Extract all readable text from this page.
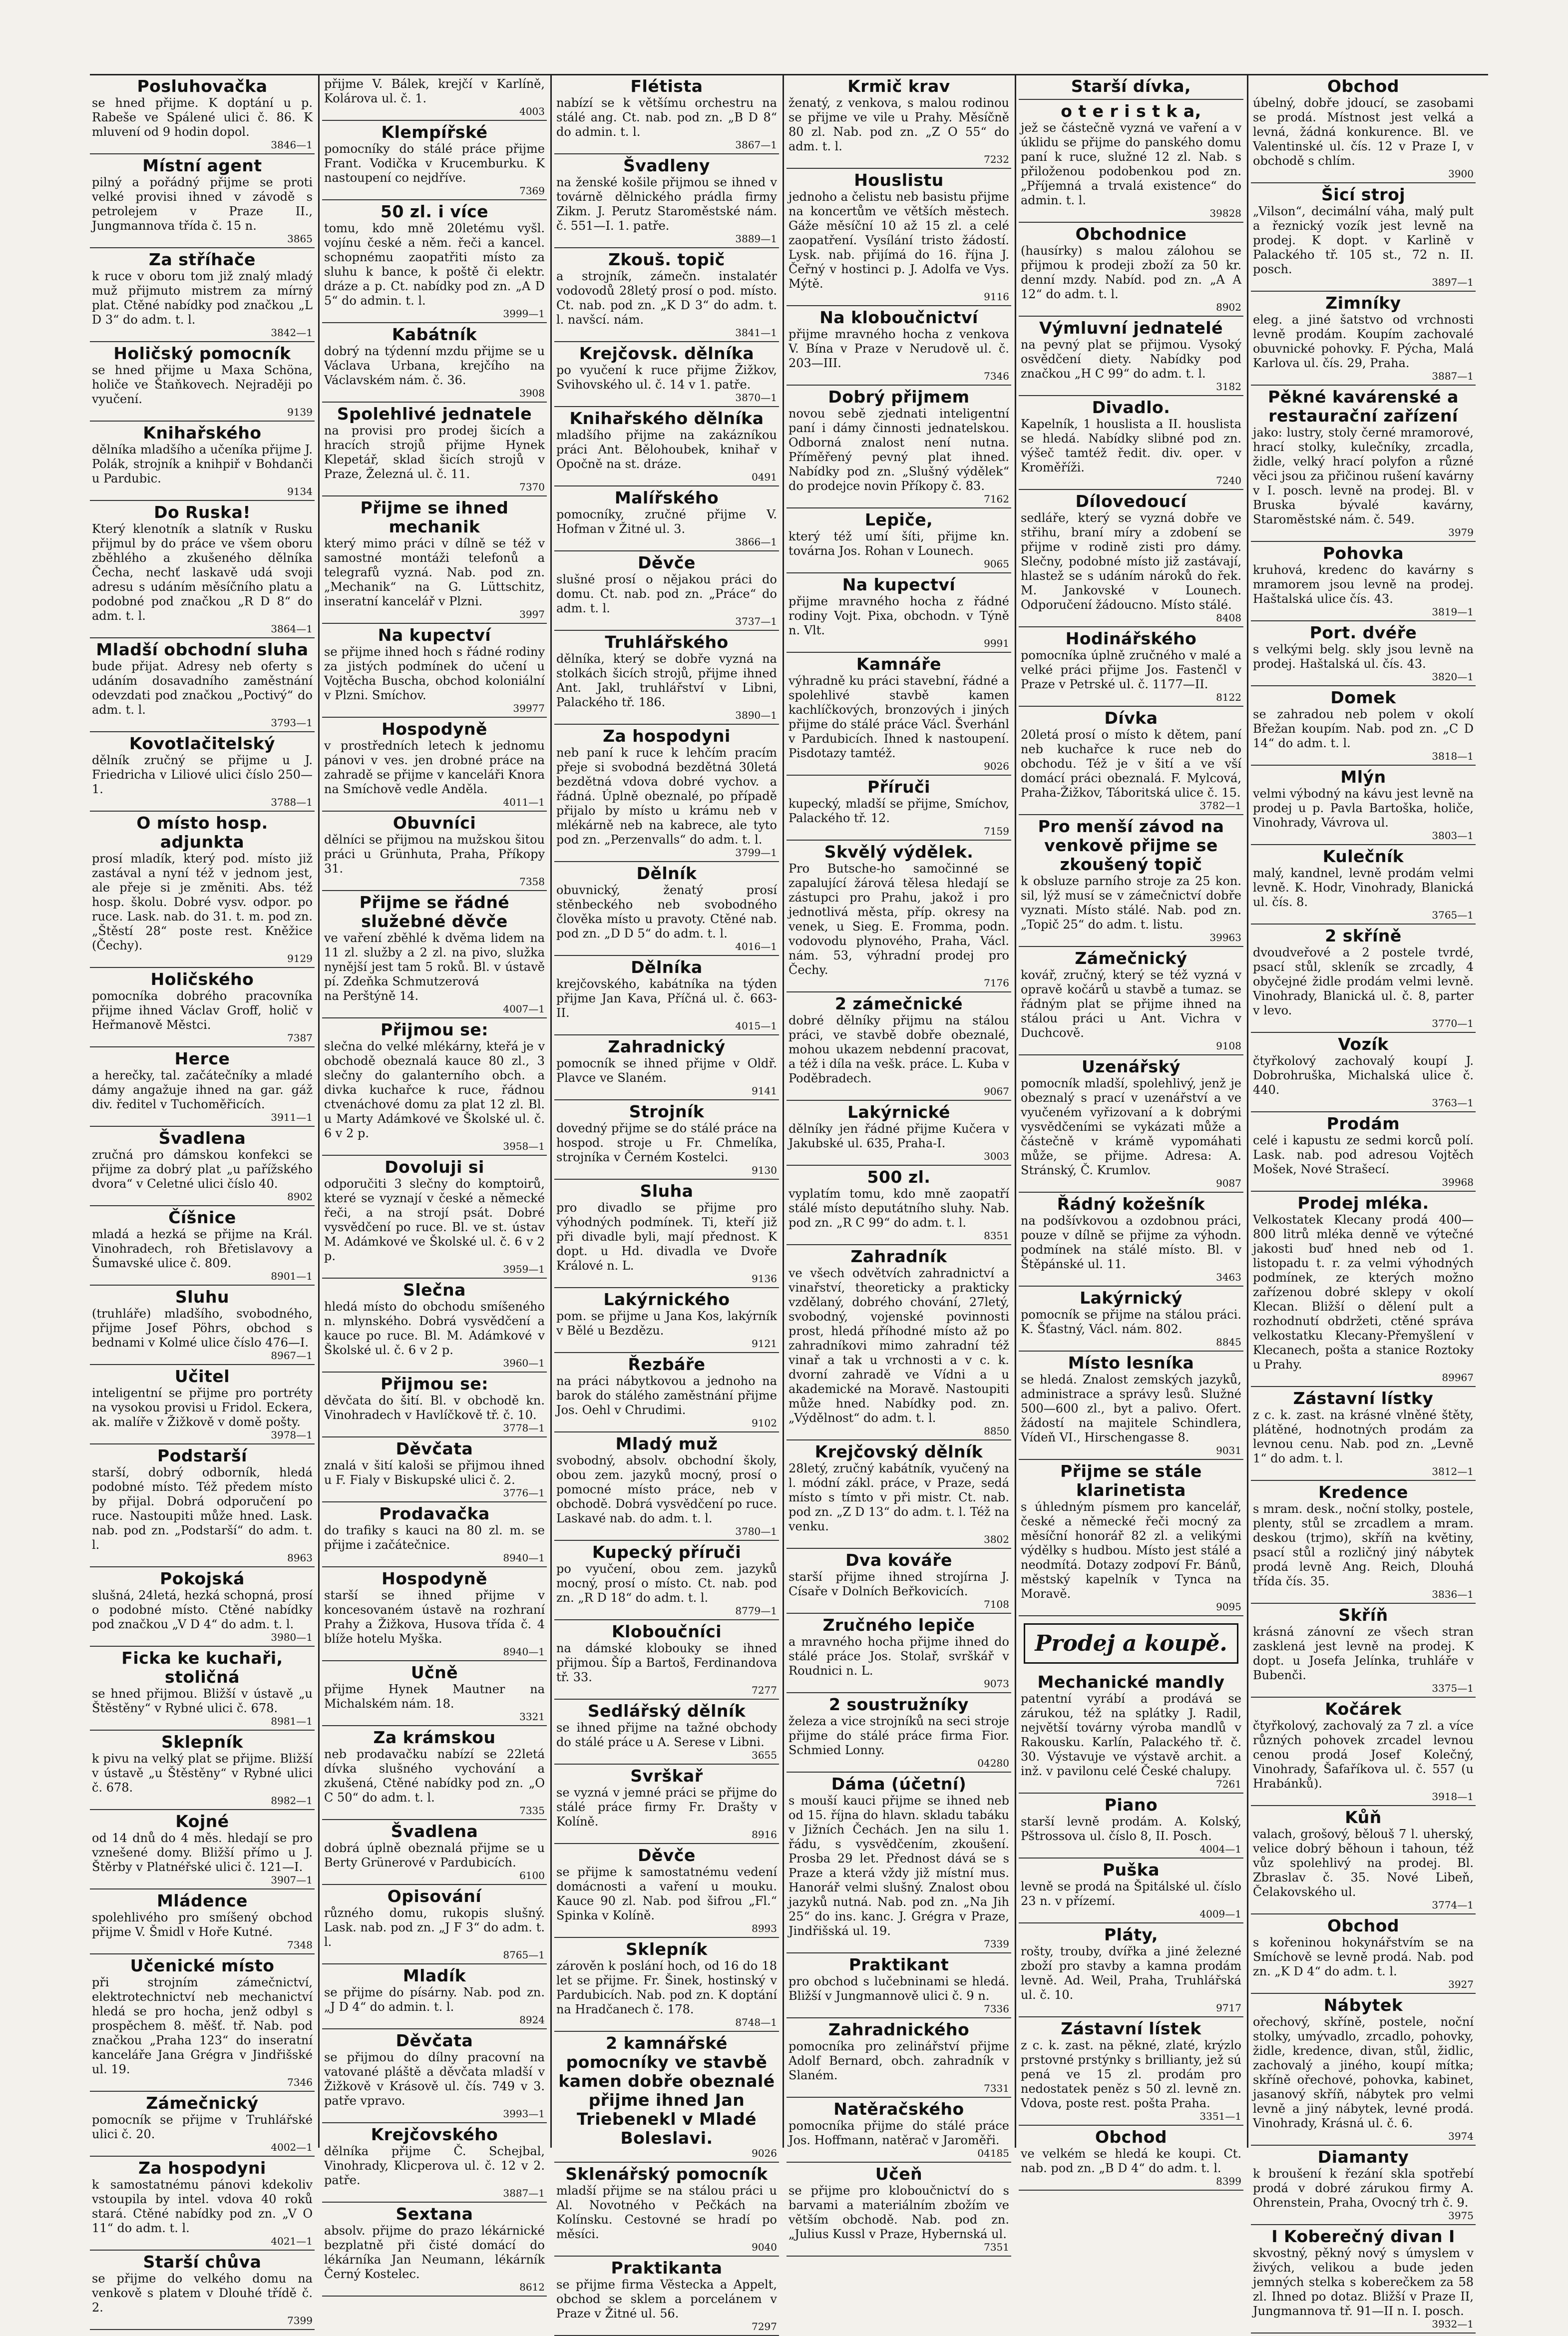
Posluhovačka

se hned přijme. K doptání u p. Rabeše ve Spálené ulici č. 86. K mluvení od 9 hodin dopol.

3846—1
Místní agent

pilný a pořádný přijme se proti velké provisi ihned v závodě s petrolejem v Praze II., Jungmannova třída č. 15 n.

3865
Za stříhače

k ruce v oboru tom již znalý mladý muž přijmuto mistrem za mírný plat. Ctěné nabídky pod značkou „L D 3“ do adm. t. l.

3842—1
Holičský pomocník

se hned přijme u Maxa Schöna, holiče ve Štaňkovech. Nejraději po vyučení.

9139
Knihařského

dělníka mladšího a učeníka přijme J. Polák, strojník a knihpiř v Bohdanči u Pardubic.

9134
Do Ruska!

Který klenotník a slatník v Rusku přijmul by do práce ve všem oboru zběhlého a zkušeného dělníka Čecha, nechť laskavě udá svoji adresu s udáním měsíčního platu a podobné pod značkou „R D 8“ do adm. t. l.

3864—1
Mladší obchodní sluha

bude přijat. Adresy neb oferty s udáním dosavadního zaměstnání odevzdati pod značkou „Poctivý“ do adm. t. l.

3793—1
Kovotlačitelský

dělník zručný se přijme u J. Friedricha v Liliové ulici číslo 250—1.

3788—1
O místo hosp. adjunkta

prosí mladík, který pod. místo již zastával a nyní též v jednom jest, ale přeje si je změniti. Abs. též hosp. školu. Dobré vysv. odpor. po ruce. Lask. nab. do 31. t. m. pod zn. „Štěstí 28“ poste rest. Kněžice (Čechy).

9129
Holičského

pomocníka dobrého pracovníka přijme ihned Václav Groff, holič v Heřmanově Městci.

7387
Herce

a herečky, tal. začátečníky a mladé dámy angažuje ihned na gar. gáž div. ředitel v Tuchoměřicích.

3911—1
Švadlena

zručná pro dámskou konfekci se přijme za dobrý plat „u pařížského dvora“ v Celetné ulici číslo 40.

8902
Číšnice

mladá a hezká se přijme na Král. Vinohradech, roh Břetislavovy a Šumavské ulice č. 809.

8901—1
Sluhu

(truhláře) mladšího, svobodného, přijme Josef Pöhrs, obchod s bednami v Kolmé ulice číslo 476—I.

8967—1
Učitel

inteligentní se přijme pro portréty na vysokou provisi u Fridol. Eckera, ak. malíře v Žižkově v domě pošty.

3978—1
Podstarší

starší, dobrý odborník, hledá podobné místo. Též předem místo by přijal. Dobrá odporučení po ruce. Nastoupiti může hned. Lask. nab. pod zn. „Podstarší“ do adm. t. l.

8963
Pokojská

slušná, 24letá, hezká schopná, prosí o podobné místo. Ctěné nabídky pod značkou „V D 4“ do adm. t. l.

3980—1
Ficka ke kuchaři, stoličná

se hned přijmou. Bližší v ústavě „u Štěstěny“ v Rybné ulici č. 678.

8981—1
Sklepník

k pivu na velký plat se přijme. Bližší v ústavě „u Štěstěny“ v Rybné ulici č. 678.

8982—1
Kojné

od 14 dnů do 4 měs. hledají se pro vznešené domy. Bližší přímo u J. Štěrby v Platnéřské ulici č. 121—I.

3907—1
Mládence

spolehlivého pro smíšený obchod přijme V. Šmidl v Hoře Kutné.

7348
Učenické místo

při strojním zámečnictví, elektrotechnictví neb mechanictví hledá se pro hocha, jenž odbyl s prospěchem 8. měšť. tř. Nab. pod značkou „Praha 123“ do inseratní kanceláře Jana Grégra v Jindřišské ul. 19.

7346
Zámečnický

pomocník se přijme v Truhlářské ulici č. 20.

4002—1
Za hospodyni

k samostatnému pánovi kdekoliv vstoupila by intel. vdova 40 roků stará. Ctěné nabídky pod zn. „V O 11“ do adm. t. l.

4021—1
Starší chůva

se přijme do velkého domu na venkově s platem v Dlouhé třídě č. 2.

7399

přijme V. Bálek, krejčí v Karlíně, Kolárova ul. č. 1.

4003
Klempířské

pomocníky do stálé práce přijme Frant. Vodička v Krucemburku. K nastoupení co nejdříve.

7369
50 zl. i více

tomu, kdo mně 20letému vyšl. vojínu české a něm. řeči a kancel. schopnému zaopatřiti místo za sluhu k bance, k poště či elektr. dráze a p. Ct. nabídky pod zn. „A D 5“ do admin. t. l.

3999—1
Kabátník

dobrý na týdenní mzdu přijme se u Václava Urbana, krejčího na Václavském nám. č. 36.

3908
Spolehlivé jednatele

na provisi pro prodej šicích a hracích strojů přijme Hynek Klepetář, sklad šicích strojů v Praze, Železná ul. č. 11.

7370
Přijme se ihned mechanik

který mimo práci v dílně se též v samostné montáži telefonů a telegrafů vyzná. Nab. pod zn. „Mechanik“ na G. Lüttschitz, inseratní kancelář v Plzni.

3997
Na kupectví

se přijme ihned hoch s řádné rodiny za jistých podmínek do učení u Vojtěcha Buscha, obchod koloniální v Plzni. Smíchov.

39977
Hospodyně

v prostředních letech k jednomu pánovi v ves. jen drobné práce na zahradě se přijme v kanceláři Knora na Smíchově vedle Anděla.

4011—1
Obuvníci

dělníci se přijmou na mužskou šitou práci u Grünhuta, Praha, Příkopy 31.

7358
Přijme se řádné služebné děvče

ve vaření zběhlé k dvěma lidem na 11 zl. služby a 2 zl. na pivo, služka nynější jest tam 5 roků. Bl. v ústavě pí. Zdeňka Schmutzerová

na Perštýně 14.

4007—1
Přijmou se:

slečna do velké mlékárny, kteřá je v obchodě obeznalá kauce 80 zl., 3 slečny do galanterního obch. a divka kuchařce k ruce, řádnou ctvenáchové domu za plat 12 zl. Bl. u Marty Adámkové ve Školské ul. č. 6 v 2 p.

3958—1
Dovoluji si

odporučiti 3 slečny do komptoirů, které se vyznají v české a německé řeči, a na strojí psát. Dobré vysvědčení po ruce. Bl. ve st. ústav M. Adámkové ve Školské ul. č. 6 v 2 p.

3959—1
Slečna

hledá místo do obchodu smíšeného n. mlynského. Dobrá vysvědčení a kauce po ruce. Bl. M. Adámkové v Školské ul. č. 6 v 2 p.

3960—1
Přijmou se:

děvčata do šití. Bl. v obchodě kn. Vinohradech v Havlíčkově tř. č. 10.

3778—1
Děvčata

znalá v šití kaloši se přijmou ihned u F. Fialy v Biskupské ulici č. 2.

3776—1
Prodavačka

do trafiky s kauci na 80 zl. m. se přijme i začátečnice.

8940—1
Hospodyně

starší se ihned přijme v koncesovaném ústavě na rozhraní Prahy a Žižkova, Husova třída č. 4 blíže hotelu Myška.

8940—1
Učně

přijme Hynek Mautner na Michalském nám. 18.

3321
Za krámskou

neb prodavačku nabízí se 22letá dívka slušného vychování a zkušená, Ctěné nabídky pod zn. „O C 50“ do adm. t. l.

7335
Švadlena

dobrá úplně obeznalá přijme se u Berty Grünerové v Pardubicích.

6100
Opisování

různého domu, rukopis slušný. Lask. nab. pod zn. „J F 3“ do adm. t. l.

8765—1
Mladík

se přijme do písárny. Nab. pod zn. „J D 4“ do admin. t. l.

8924
Děvčata

se přijmou do dílny pracovní na vatované pláště a děvčata mladší v Žižkově v Krásově ul. čís. 749 v 3. patře vpravo.

3993—1
Krejčovského

dělníka přijme Č. Schejbal, Vinohrady, Klicperova ul. č. 12 v 2. patře.

3887—1
Sextana

absolv. přijme do prazo lékárnické bezplatně při čisté domácí do lékárníka Jan Neumann, lékárník Černý Kostelec.

8612
Flétista

nabízí se k většímu orchestru na stálé ang. Ct. nab. pod zn. „B D 8“ do admin. t. l.

3867—1
Švadleny

na ženské košile přijmou se ihned v továrně dělnického prádla firmy Zikm. J. Perutz Staroměstské nám. č. 551—I. 1. patře.

3889—1
Zkouš. topič

a strojník, zámečn. instalatér vodovodů 28letý prosí o pod. místo. Ct. nab. pod zn. „K D 3“ do adm. t. l. navšcí. nám.

3841—1
Krejčovsk. dělníka

po vyučení k ruce přijme Žižkov, Svihovského ul. č. 14 v 1. patře.

3870—1
Knihařského dělníka

mladšího přijme na zakázníkou práci Ant. Bělohoubek, knihař v Opočně na st. dráze.

0491
Malířského

pomocníky, zručné přijme V. Hofman v Žitné ul. 3.

3866—1
Děvče

slušné prosí o nějakou práci do domu. Ct. nab. pod zn. „Práce“ do adm. t. l.

3737—1
Truhlářského

dělníka, který se dobře vyzná na stolkách šicích strojů, přijme ihned Ant. Jakl, truhlářství v Libni, Palackého tř. 186.

3890—1
Za hospodyni

neb paní k ruce k lehčím pracím přeje si svobodná bezdětná 30letá bezdětná vdova dobré vychov. a řádná. Úplně obeznalé, po případě přijalo by místo u krámu neb v mlékárně neb na kabrece, ale tyto pod zn. „Perzenvalls“ do adm. t. l.

3799—1
Dělník

obuvnický, ženatý prosí stěnbeckého neb svobodného člověka místo u pravoty. Ctěné nab. pod zn. „D D 5“ do adm. t. l.

4016—1
Dělníka

krejčovského, kabátníka na týden přijme Jan Kava, Příčná ul. č. 663-II.

4015—1
Zahradnický

pomocník se ihned přijme v Oldř. Plavce ve Slaném.

9141
Strojník

dovedný přijme se do stálé práce na hospod. stroje u Fr. Chmelíka, strojníka v Černém Kostelci.

9130
Sluha

pro divadlo se přijme pro výhodných podmínek. Ti, kteří již při divadle byli, mají přednost. K dopt. u Hd. divadla ve Dvoře Králové n. L.

9136
Lakýrnického

pom. se přijme u Jana Kos, lakýrník v Bělé u Bezdězu.

9121
Řezbáře

na práci nábytkovou a jednoho na barok do stálého zaměstnání přijme Jos. Oehl v Chrudimi.

9102
Mladý muž

svobodný, absolv. obchodní školy, obou zem. jazyků mocný, prosí o pomocné místo práce, neb v obchodě. Dobrá vysvědčení po ruce. Laskavé nab. do adm. t. l.

3780—1
Kupecký příruči

po vyučení, obou zem. jazyků mocný, prosí o místo. Ct. nab. pod zn. „R D 18“ do adm. t. l.

8779—1
Kloboučníci

na dámské klobouky se ihned přijmou. Šíp a Bartoš, Ferdinandova tř. 33.

7277
Sedlářský dělník

se ihned přijme na tažné obchody do stálé práce u A. Serese v Libni.

3655
Svrškař

se vyzná v jemné práci se přijme do stálé práce firmy Fr. Drašty v Kolíně.

8916
Děvče

se přijme k samostatnému vedení domácnosti a vaření u mouku. Kauce 90 zl. Nab. pod šifrou „Fl.“ Spinka v Kolíně.

8993
Sklepník

zárověn k poslání hoch, od 16 do 18 let se přijme. Fr. Šinek, hostinský v Pardubicích. Nab. pod zn. K doptání na Hradčanech č. 178.

8748—1
2 kamnářské pomocníky ve stavbě kamen dobře obeznalé přijme ihned Jan Triebenekl v Mladé Boleslavi.
9026
Sklenářský pomocník

mladší přijme se na stálou práci u Al. Novotného v Pečkách na Kolínsku. Cestovné se hradí po měsíci.

9040
Praktikanta

se přijme firma Věstecka a Appelt, obchod se sklem a porcelánem v Praze v Žitné ul. 56.

7297
Krmič krav

ženatý, z venkova, s malou rodinou se přijme ve vile u Prahy. Měsíčně 80 zl. Nab. pod zn. „Z O 55“ do adm. t. l.

7232
Houslistu

jednoho a čelistu neb basistu přijme na koncertům ve větších městech. Gáže měsíční 10 až 15 zl. a celé zaopatření. Vysílání tristo žádostí. Lysk. nab. přijímá do 16. října J. Čeřný v hostinci p. J. Adolfa ve Vys. Mýtě.

9116
Na kloboučnictví

přijme mravného hocha z venkova V. Bína v Praze v Nerudově ul. č. 203—III.

7346
Dobrý přijmem

novou sebě zjednati inteligentní paní i dámy činnosti jednatelskou. Odborná znalost není nutna. Příměřený pevný plat ihned. Nabídky pod zn. „Slušný výdělek“ do prodejce novin Příkopy č. 83.

7162
Lepiče,

který též umí šíti, přijme kn. továrna Jos. Rohan v Lounech.

9065
Na kupectví

přijme mravného hocha z řádné rodiny Vojt. Pixa, obchodn. v Týně n. Vlt.

9991
Kamnáře

výhradně ku práci stavební, řádné a spolehlivé stavbě kamen kachlíčkových, bronzových i jiných přijme do stálé práce Václ. Šverhánl v Pardubicích. Ihned k nastoupení. Pisdotazy tamtéž.

9026
Příruči

kupecký, mladší se přijme, Smíchov, Palackého tř. 12.

7159
Skvělý výdělek.

Pro Butsche-ho samočinné se zapalující žárová tělesa hledají se zástupci pro Prahu, jakož i pro jednotlivá města, příp. okresy na venek, u Sieg. E. Fromma, podn. vodovodu plynového, Praha, Václ. nám. 53, výhradní prodej pro Čechy.

7176
2 zámečnické

dobré dělníky přijmu na stálou práci, ve stavbě dobře obeznalé, mohou ukazem nebdenní pracovat, a též i díla na vešk. práce. L. Kuba v Poděbradech.

9067
Lakýrnické

dělníky jen řádné přijme Kučera v Jakubské ul. 635, Praha-I.

3003
500 zl.

vyplatím tomu, kdo mně zaopatří stálé místo deputátního sluhy. Nab. pod zn. „R C 99“ do adm. t. l.

8351
Zahradník

ve všech odvětvích zahradnictví a vinařství, theoreticky a prakticky vzdělaný, dobrého chování, 27letý, svobodný, vojenské povinnosti prost, hledá příhodné místo až po zahradníkovi mimo zahradní též vinař a tak u vrchnosti a v c. k. dvorní zahradě ve Vídni a u akademické na Moravě. Nastoupiti může hned. Nabídky pod. zn. „Výdělnost“ do adm. t. l.

8850
Krejčovský dělník

28letý, zručný kabátník, vyučený na l. módní zákl. práce, v Praze, sedá místo s tímto v při mistr. Ct. nab. pod zn. „Z D 13“ do adm. t. l. Též na venku.

3802
Dva kováře

starší přijme ihned strojírna J. Císaře v Dolních Beřkovicích.

7108
Zručného lepiče

a mravného hocha přijme ihned do stálé práce Jos. Stolař, svrškář v Roudnici n. L.

9073
2 soustružníky

železa a vice strojníků na seci stroje přijme do stálé práce firma Fior. Schmied Lonny.

04280
Dáma (účetní)

s mouší kauci přijme se ihned neb od 15. října do hlavn. skladu tabáku v Jižních Čechách. Jen na silu 1. řádu, s vysvědčením, zkoušení. Prosba 29 let. Přednost dává se s Praze a která vždy již místní mus. Hanorář velmi slušný. Znalost obou jazyků nutná. Nab. pod zn. „Na Jih 25“ do ins. kanc. J. Grégra v Praze, Jindřišská ul. 19.

7339
Praktikant

pro obchod s lučebninami se hledá. Bližší v Jungmannově ulici č. 9 n.

7336
Zahradnického

pomocníka pro zelinářství přijme Adolf Bernard, obch. zahradník v Slaném.

7331
Natěračského

pomocníka přijme do stálé práce Jos. Hoffmann, natěrač v Jaroměři.

04185
Učeň

se přijme pro kloboučnictví do s barvami a materiálním zbožím ve větším obchodě. Nab. pod zn. „Julius Kussl v Praze, Hybernská ul.

7351
Starší dívka,
o t e r i s t k a,

jež se částečně vyzná ve vaření a v úklidu se přijme do panského domu paní k ruce, služné 12 zl. Nab. s přiloženou podobenkou pod zn. „Příjemná a trvalá existence“ do admin. t. l.

39828
Obchodnice

(hausírky) s malou zálohou se přijmou k prodeji zboží za 50 kr. denní mzdy. Nabíd. pod zn. „A A 12“ do adm. t. l.

8902
Výmluvní jednatelé

na pevný plat se přijmou. Vysoký osvědčení diety. Nabídky pod značkou „H C 99“ do adm. t. l.

3182
Divadlo.

Kapelník, 1 houslista a II. houslista se hledá. Nabídky slibné pod zn. výšeč tamtéž ředit. div. oper. v Kroměříži.

7240
Dílovedoucí

sedláře, který se vyzná dobře ve střihu, braní míry a zdobení se přijme v rodině zisti pro dámy. Slečny, podobné místo již zastávají, hlastež se s udáním nároků do řek. M. Jankovské v Lounech. Odporučení žádoucno. Místo stálé.

8408
Hodinářského

pomocníka úplně zručného v malé a velké práci přijme Jos. Fastenčl v Praze v Petrské ul. č. 1177—II.

8122
Dívka

20letá prosí o místo k dětem, paní neb kuchařce k ruce neb do obchodu. Též je v šití a ve vší domácí práci obeznalá. F. Mylcová, Praha-Žižkov, Táboritská ulice č. 15.

3782—1
Pro menší závod na venkově přijme se zkoušený topič

k obsluze parního stroje za 25 kon. sil, lýž musí se v zámečnictví dobře vyznati. Místo stálé. Nab. pod zn. „Topič 25“ do adm. t. listu.

39963
Zámečnický

kovář, zručný, který se též vyzná v opravě kočárů u stavbě a tumaz. se řádným plat se přijme ihned na stálou práci u Ant. Vichra v Duchcově.

9108
Uzenářský

pomocník mladší, spolehlivý, jenž je obeznalý s prací v uzenářství a ve vyučeném vyřizovaní a k dobrými vysvědčeními se vykázati může a částečně v krámě vypomáhati může, se přijme. Adresa: A. Stránský, Č. Krumlov.

9087
Řádný kožešník

na podšívkovou a ozdobnou práci, pouze v dílně se přijme za výhodn. podmínek na stálé místo. Bl. v Štěpánské ul. 11.

3463
Lakýrnický

pomocník se přijme na stálou práci. K. Šťastný, Václ. nám. 802.

8845
Místo lesníka

se hledá. Znalost zemských jazyků, administrace a správy lesů. Služné 500—600 zl., byt a palivo. Ofert. žádostí na majitele Schindlera, Vídeň VI., Hirschengasse 8.

9031
Přijme se stále klarinetista

s úhledným písmem pro kancelář, české a německé řeči mocný za měsíční honorář 82 zl. a velikými výdělky s hudbou. Místo jest stálé a neodmítá. Dotazy zodpoví Fr. Bánů, městský kapelník v Tynca na Moravě.

9095
Prodej a koupě.
Mechanické mandly

patentní vyrábí a prodává se zárukou, též na splátky J. Radil, největší továrny výroba mandlů v Rakousku. Karlín, Palackého tř. č. 30. Výstavuje ve výstavě archit. a inž. v pavilonu celé České chalupy.

7261
Piano

starší levně prodám. A. Kolský, Pštrossova ul. číslo 8, II. Posch.

4004—1
Puška

levně se prodá na Špitálské ul. číslo 23 n. v přízemí.

4009—1
Pláty,

rošty, trouby, dvířka a jiné železné zboží pro stavby a kamna prodám levně. Ad. Weil, Praha, Truhlářská ul. č. 10.

9717
Zástavní lístek

z c. k. zast. na pěkné, zlaté, krýzlo prstovné prstýnky s brillianty, jež sú pená ve 15 zl. prodám pro nedostatek peněz s 50 zl. levně zn. Vdova, poste rest. pošta Praha.

3351—1
Obchod

ve velkém se hledá ke koupi. Ct. nab. pod zn. „B D 4“ do adm. t. l.

8399
Obchod

úbelný, dobře jdoucí, se zasobami se prodá. Místnost jest velká a levná, žádná konkurence. Bl. ve Valentinské ul. čís. 12 v Praze I, v obchodě s chlím.

3900
Šicí stroj

„Vilson“, decimální váha, malý pult a řeznický vozík jest levně na prodej. K dopt. v Karlině v Palackého tř. 105 st., 72 n. II. posch.

3897—1
Zimníky

eleg. a jiné šatstvo od vrchnosti levně prodám. Koupím zachovalé obuvnické pohovky. F. Pýcha, Malá Karlova ul. čís. 29, Praha.

3887—1
Pěkné kavárenské a restaurační zařízení

jako: lustry, stoly černé mramorové, hrací stolky, kulečníky, zrcadla, židle, velký hrací polyfon a různé věci jsou za přičinou rušení kavárny v I. posch. levně na prodej. Bl. v Bruska bývalé kavárny, Staroměstské nám. č. 549.

3979
Pohovka

kruhová, kredenc do kavárny s mramorem jsou levně na prodej. Haštalská ulice čís. 43.

3819—1
Port. dvéře

s velkými belg. skly jsou levně na prodej. Haštalská ul. čís. 43.

3820—1
Domek

se zahradou neb polem v okolí Břežan koupím. Nab. pod zn. „C D 14“ do adm. t. l.

3818—1
Mlýn

velmi výbodný na kávu jest levně na prodej u p. Pavla Bartoška, holiče, Vinohrady, Vávrova ul.

3803—1
Kulečník

malý, kandnel, levně prodám velmi levně. K. Hodr, Vinohrady, Blanická ul. čís. 8.

3765—1
2 skříně

dvoudveřové a 2 postele tvrdé, psací stůl, skleník se zrcadly, 4 obyčejné židle prodám velmi levně. Vinohrady, Blanická ul. č. 8, parter v levo.

3770—1
Vozík

čtyřkolový zachovalý koupí J. Dobrohruška, Michalská ulice č. 440.

3763—1
Prodám

celé i kapustu ze sedmi korců polí. Lask. nab. pod adresou Vojtěch Mošek, Nové Strašecí.

39968
Prodej mléka.

Velkostatek Klecany prodá 400—800 litrů mléka denně ve výtečné jakosti buď hned neb od 1. listopadu t. r. za velmi výhodných podmínek, ze kterých možno zařízenou dobré sklepy v okolí Klecan. Bližší o dělení pult a rozhodnutí obdržeti, ctěné správa velkostatku Klecany-Přemyšlení v Klecanech, pošta a stanice Roztoky u Prahy.

89967
Zástavní lístky

z c. k. zast. na krásné vlněné štěty, plátěné, hodnotných prodám za levnou cenu. Nab. pod zn. „Levně 1“ do adm. t. l.

3812—1
Kredence

s mram. desk., noční stolky, postele, plenty, stůl se zrcadlem a mram. deskou (trjmo), skříň na květiny, psací stůl a rozličný jiný nábytek prodá levně Ang. Reich, Dlouhá třída čís. 35.

3836—1
Skříň

krásná zánovní ze všech stran zasklená jest levně na prodej. K dopt. u Josefa Jelínka, truhláře v Bubenči.

3375—1
Kočárek

čtyřkolový, zachovalý za 7 zl. a více různých pohovek zrcadel levnou cenou prodá Josef Kolečný, Vinohrady, Šafaříkova ul. č. 557 (u Hrabánků).

3918—1
Kůň

valach, grošový, bělouš 7 l. uherský, velice dobrý běhoun i tahoun, též vůz spolehlivý na prodej. Bl. Zbraslav č. 35. Nové Libeň, Čelakovského ul.

3774—1
Obchod

s kořeninou hokynářstvím se na Smíchově se levně prodá. Nab. pod zn. „K D 4“ do adm. t. l.

3927
Nábytek

ořechový, skříně, postele, noční stolky, umývadlo, zrcadlo, pohovky, židle, kredence, divan, stůl, židlic, zachovalý a jiného, koupí mítka; skříně ořechové, pohovka, kabinet, jasanový skříň, nábytek pro velmi levně a jiný nábytek, levné prodá. Vinohrady, Krásná ul. č. 6.

3974
Diamanty

k broušení k řezání skla spotřebí prodá v dobré zárukou firmy A. Ohrenstein, Praha, Ovocný trh č. 9.

3975
I Koberečný divan I

skvostný, pěkný nový s úmyslem v živých, velikou a bude jeden jemných stelka s koberečkem za 58 zl. Ihned po dotaz. Bližší v Praze II, Jungmannova tř. 91—II n. I. posch.

3932—1
